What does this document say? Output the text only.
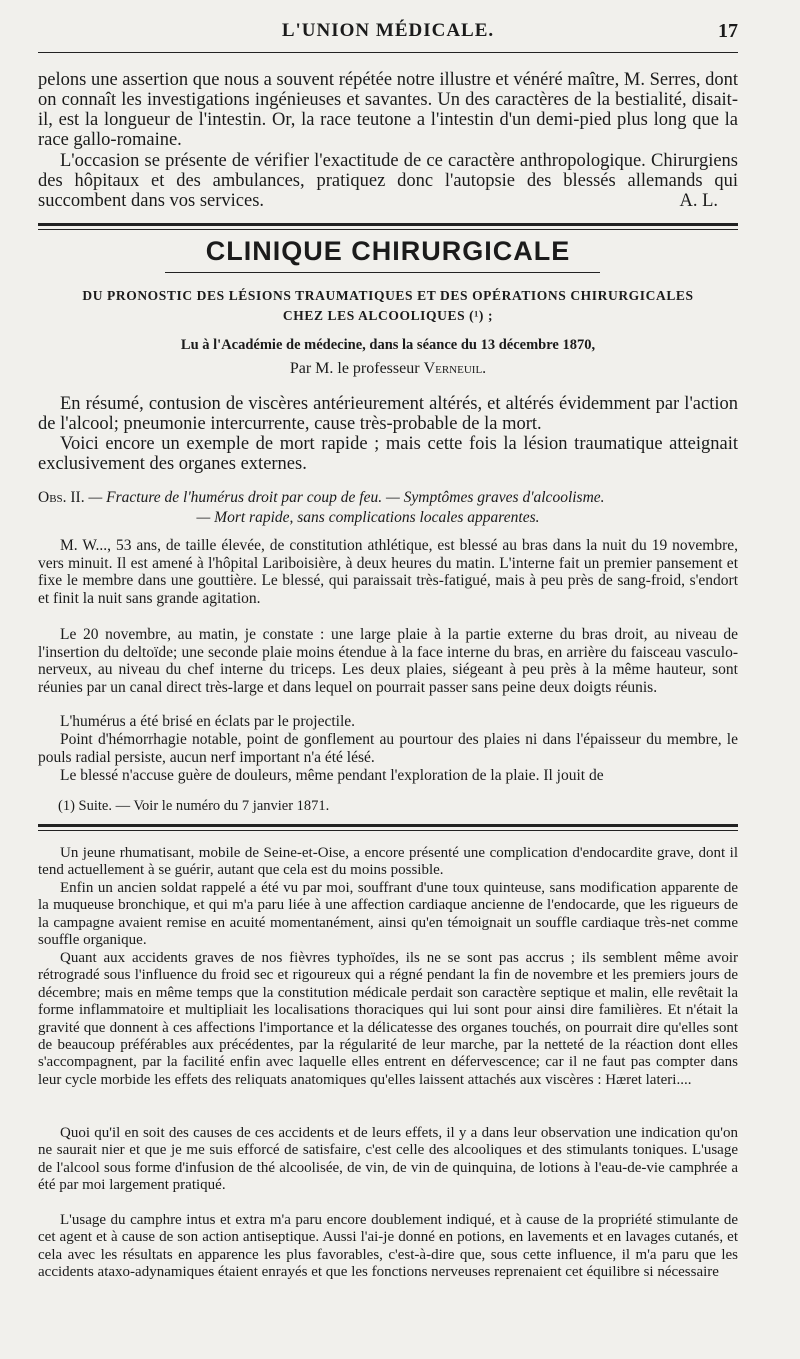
L'UNION MÉDICALE.	17

pelons une assertion que nous a souvent répétée notre illustre et vénéré maître, M. Serres, dont on connaît les investigations ingénieuses et savantes. Un des caractères de la bestialité, disait-il, est la longueur de l'intestin. Or, la race teutone a l'intestin d'un demi-pied plus long que la race gallo-romaine.

L'occasion se présente de vérifier l'exactitude de ce caractère anthropologique. Chirurgiens des hôpitaux et des ambulances, pratiquez donc l'autopsie des blessés allemands qui succombent dans vos services.	A. L.

CLINIQUE CHIRURGICALE
DU PRONOSTIC DES LÉSIONS TRAUMATIQUES ET DES OPÉRATIONS CHIRURGICALES
CHEZ LES ALCOOLIQUES (¹) ;
Lu à l'Académie de médecine, dans la séance du 13 décembre 1870,
Par M. le professeur Verneuil.

En résumé, contusion de viscères antérieurement altérés, et altérés évidemment par l'action de l'alcool; pneumonie intercurrente, cause très-probable de la mort.

Voici encore un exemple de mort rapide ; mais cette fois la lésion traumatique atteignait exclusivement des organes externes.

Obs. II. — Fracture de l'humérus droit par coup de feu. — Symptômes graves d'alcoolisme.
— Mort rapide, sans complications locales apparentes.

M. W..., 53 ans, de taille élevée, de constitution athlétique, est blessé au bras dans la nuit du 19 novembre, vers minuit. Il est amené à l'hôpital Lariboisière, à deux heures du matin. L'interne fait un premier pansement et fixe le membre dans une gouttière. Le blessé, qui paraissait très-fatigué, mais à peu près de sang-froid, s'endort et finit la nuit sans grande agitation.

Le 20 novembre, au matin, je constate : une large plaie à la partie externe du bras droit, au niveau de l'insertion du deltoïde; une seconde plaie moins étendue à la face interne du bras, en arrière du faisceau vasculo-nerveux, au niveau du chef interne du triceps. Les deux plaies, siégeant à peu près à la même hauteur, sont réunies par un canal direct très-large et dans lequel on pourrait passer sans peine deux doigts réunis.

L'humérus a été brisé en éclats par le projectile.

Point d'hémorrhagie notable, point de gonflement au pourtour des plaies ni dans l'épaisseur du membre, le pouls radial persiste, aucun nerf important n'a été lésé.

Le blessé n'accuse guère de douleurs, même pendant l'exploration de la plaie. Il jouit de

(1) Suite. — Voir le numéro du 7 janvier 1871.

Un jeune rhumatisant, mobile de Seine-et-Oise, a encore présenté une complication d'endocardite grave, dont il tend actuellement à se guérir, autant que cela est du moins possible.

Enfin un ancien soldat rappelé a été vu par moi, souffrant d'une toux quinteuse, sans modification apparente de la muqueuse bronchique, et qui m'a paru liée à une affection cardiaque ancienne de l'endocarde, que les rigueurs de la campagne avaient remise en acuité momentanément, ainsi qu'en témoignait un souffle cardiaque très-net comme souffle organique.

Quant aux accidents graves de nos fièvres typhoïdes, ils ne se sont pas accrus ; ils semblent même avoir rétrogradé sous l'influence du froid sec et rigoureux qui a régné pendant la fin de novembre et les premiers jours de décembre; mais en même temps que la constitution médicale perdait son caractère septique et malin, elle revêtait la forme inflammatoire et multipliait les localisations thoraciques qui lui sont pour ainsi dire familières. Et n'était la gravité que donnent à ces affections l'importance et la délicatesse des organes touchés, on pourrait dire qu'elles sont de beaucoup préférables aux précédentes, par la régularité de leur marche, par la netteté de la réaction dont elles s'accompagnent, par la facilité enfin avec laquelle elles entrent en défervescence; car il ne faut pas compter dans leur cycle morbide les effets des reliquats anatomiques qu'elles laissent attachés aux viscères : Hæret lateri....

Quoi qu'il en soit des causes de ces accidents et de leurs effets, il y a dans leur observation une indication qu'on ne saurait nier et que je me suis efforcé de satisfaire, c'est celle des alcooliques et des stimulants toniques. L'usage de l'alcool sous forme d'infusion de thé alcoolisée, de vin, de vin de quinquina, de lotions à l'eau-de-vie camphrée a été par moi largement pratiqué.

L'usage du camphre intus et extra m'a paru encore doublement indiqué, et à cause de la propriété stimulante de cet agent et à cause de son action antiseptique. Aussi l'ai-je donné en potions, en lavements et en lavages cutanés, et cela avec les résultats en apparence les plus favorables, c'est-à-dire que, sous cette influence, il m'a paru que les accidents ataxo-adynamiques étaient enrayés et que les fonctions nerveuses reprenaient cet équilibre si nécessaire
